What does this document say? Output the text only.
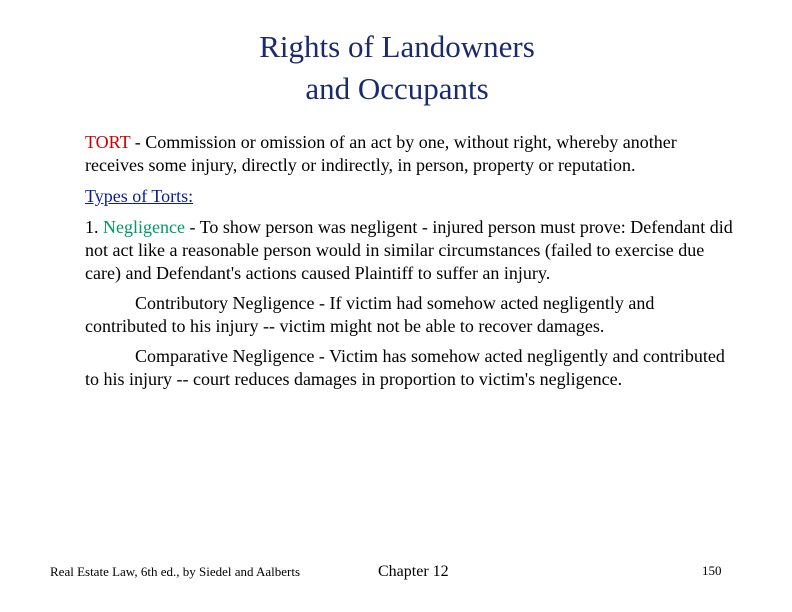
Rights of Landowners
and Occupants

TORT - Commission or omission of an act by one, without right, whereby another receives some injury, directly or indirectly, in person, property or reputation.

Types of Torts:

1. Negligence - To show person was negligent - injured person must prove: Defendant did not act like a reasonable person would in similar circumstances (failed to exercise due care) and Defendant's actions caused Plaintiff to suffer an injury.

Contributory Negligence - If victim had somehow acted negligently and contributed to his injury -- victim might not be able to recover damages.

Comparative Negligence - Victim has somehow acted negligently and contributed to his injury -- court reduces damages in proportion to victim's negligence.

Real Estate Law, 6th ed., by Siedel and Aalberts	Chapter 12	150
